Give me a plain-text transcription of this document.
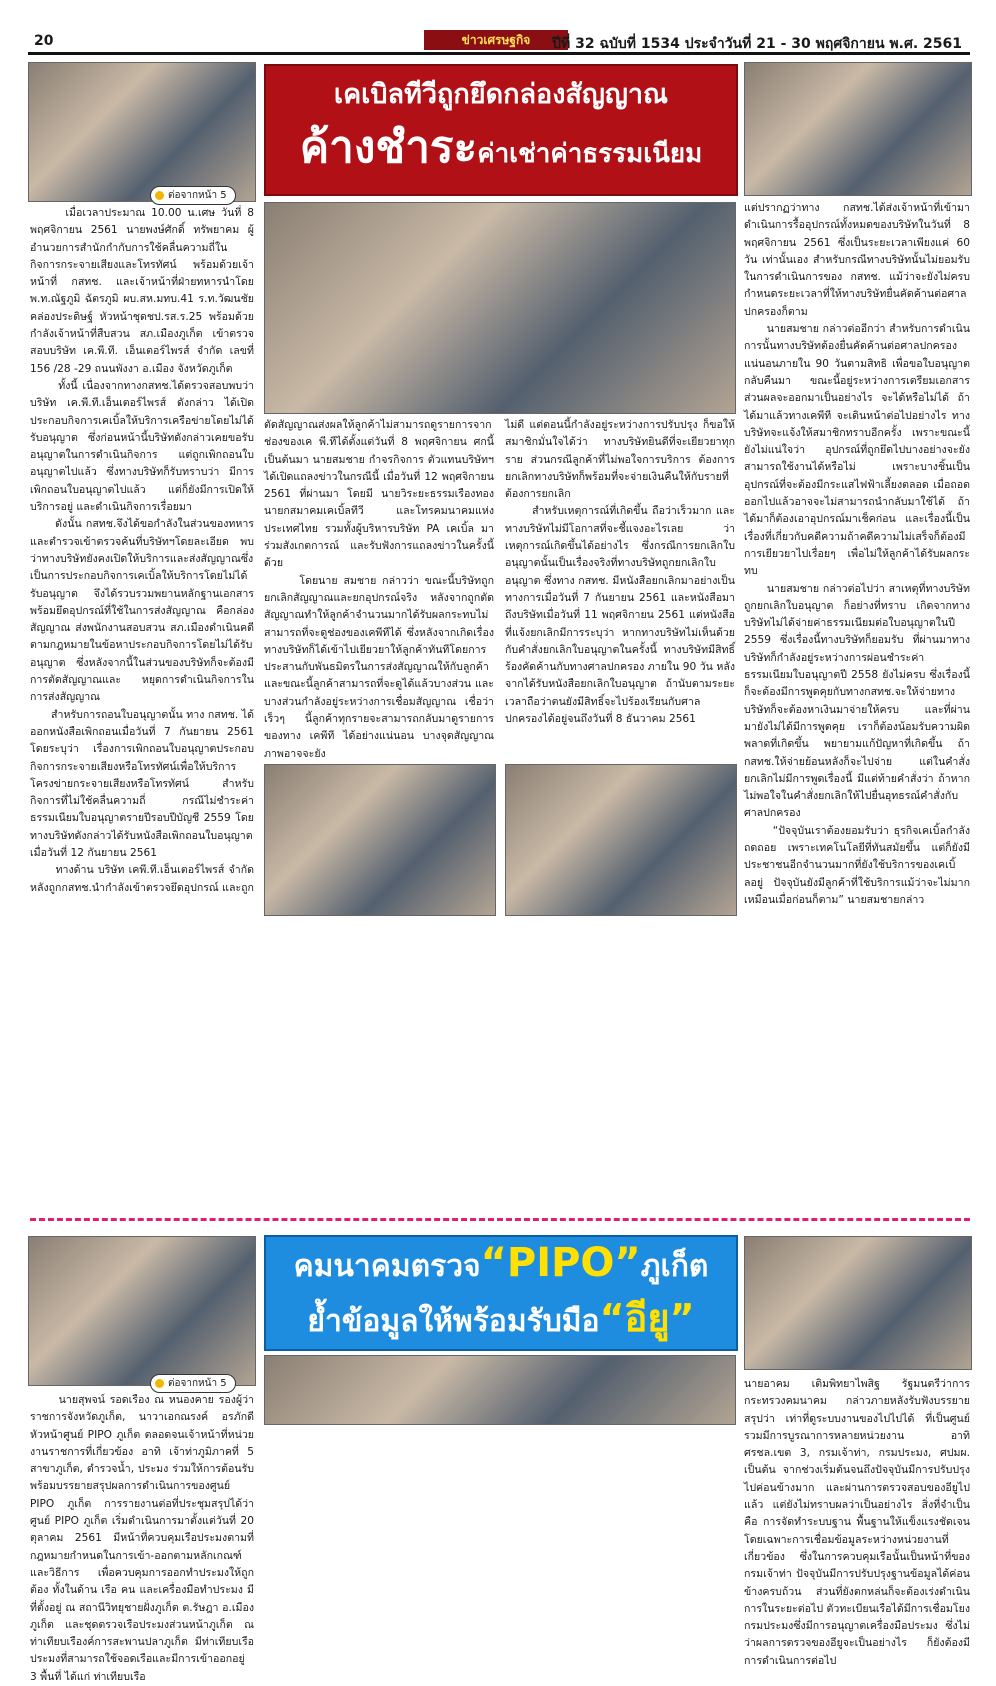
20	ข่าวเศรษฐกิจ	ปีที่ 32 ฉบับที่ 1534 ประจำวันที่ 21 - 30 พฤศจิกายน พ.ศ. 2561
ต่อจากหน้า 5
เคเบิลทีวีถูกยึดกล่องสัญญาณ
ค้างชำระค่าเช่าค่าธรรมเนียม
เมื่อเวลาประมาณ 10.00 น.เศษ วันที่ 8 พฤศจิกายน 2561 นายพงษ์ศักดิ์ ทรัพยาคม ผู้อำนวยการสำนักกำกับการใช้คลื่นความถี่ในกิจการกระจายเสียงและโทรทัศน์ พร้อมด้วยเจ้าหน้าที่ กสทช. และเจ้าหน้าที่ฝ่ายทหารนำโดย พ.ท.ณัฐภูมิ ฉัตรภูมิ ผบ.สห.มทบ.41 ร.ท.วัฒนชัย คล่องประดิษฐ์ หัวหน้าชุดชป.รส.ร.25 พร้อมด้วยกำลังเจ้าหน้าที่สืบสวน สภ.เมืองภูเก็ต เข้าตรวจสอบบริษัท เค.พี.ที. เอ็นเตอร์ไพรส์ จำกัด เลขที่ 156 /28 -29 ถนนพังงา อ.เมือง จังหวัดภูเก็ต
ทั้งนี้ เนื่องจากทางกสทช.ได้ตรวจสอบพบว่า บริษัท เค.พี.ที.เอ็นเตอร์ไพรส์ ดังกล่าว ได้เปิดประกอบกิจการเคเบิ้ลให้บริการเครือข่ายโดยไม่ได้รับอนุญาต ซึ่งก่อนหน้านี้บริษัทดังกล่าวเคยขอรับอนุญาตในการดำเนินกิจการ แต่ถูกเพิกถอนใบอนุญาตไปแล้ว ซึ่งทางบริษัทก็รับทราบว่า มีการเพิกถอนใบอนุญาตไปแล้ว แต่ก็ยังมีการเปิดให้บริการอยู่ และดำเนินกิจการเรื่อยมา
ดังนั้น กสทช.จึงได้ขอกำลังในส่วนของทหารและตำรวจเข้าตรวจค้นที่บริษัทฯโดยละเอียด พบว่าทางบริษัทยังคงเปิดให้บริการและส่งสัญญาณซึ่งเป็นการประกอบกิจการเคเบิ้ลให้บริการโดยไม่ได้รับอนุญาต จึงได้รวบรวมพยานหลักฐานเอกสาร พร้อมยึดอุปกรณ์ที่ใช้ในการส่งสัญญาณ คือกล่องสัญญาณ ส่งพนักงานสอบสวน สภ.เมืองดำเนินคดีตามกฎหมายในข้อหาประกอบกิจการโดยไม่ได้รับอนุญาต ซึ่งหลังจากนี้ในส่วนของบริษัทก็จะต้องมีการตัดสัญญาณและ หยุดการดำเนินกิจการในการส่งสัญญาณ
สำหรับการถอนใบอนุญาตนั้น ทาง กสทช. ได้ออกหนังสือเพิกถอนเมื่อวันที่ 7 กันยายน 2561 โดยระบุว่า เรื่องการเพิกถอนใบอนุญาตประกอบกิจการกระจายเสียงหรือโทรทัศน์เพื่อให้บริการโครงข่ายกระจายเสียงหรือโทรทัศน์ สำหรับกิจการที่ไม่ใช้คลื่นความถี่ กรณีไม่ชำระค่าธรรมเนียมใบอนุญาตรายปีรอบปีบัญชี 2559 โดยทางบริษัทดังกล่าวได้รับหนังสือเพิกถอนใบอนุญาต เมื่อวันที่ 12 กันยายน 2561
ทางด้าน บริษัท เคพี.ที.เอ็นเตอร์ไพรส์ จำกัด หลังถูกกสทช.นำกำลังเข้าตรวจยึดอุปกรณ์ และถูก
ตัดสัญญาณส่งผลให้ลูกค้าไม่สามารถดูรายการจากช่องของเค พี.ทีได้ตั้งแต่วันที่ 8 พฤศจิกายน ศกนี้ เป็นต้นมา นายสมชาย กำจรกิจการ ตัวแทนบริษัทฯ ได้เปิดแถลงข่าวในกรณีนี้ เมื่อวันที่ 12 พฤศจิกายน 2561 ที่ผ่านมา โดยมี นายวิระยะธรรมเรืองทอง นายกสมาคมเคเบิ้ลทีวี และโทรคมนาคมแห่งประเทศไทย รวมทั้งผู้บริหารบริษัท PA เคเบิ้ล มาร่วมสังเกตการณ์ และรับฟังการแถลงข่าวในครั้งนี้ด้วย
โดยนาย สมชาย กล่าวว่า ขณะนี้บริษัทถูกยกเลิกสัญญาณและยกอุปกรณ์จริง หลังจากถูกตัดสัญญาณทำให้ลูกค้าจำนวนมากได้รับผลกระทบไม่สามารถที่จะดูช่องของเคพีทีได้ ซึ่งหลังจากเกิดเรื่อง ทางบริษัทก็ได้เข้าไปเยียวยาให้ลูกค้าทันทีโดยการประสานกับพันธมิตรในการส่งสัญญาณให้กับลูกค้า และขณะนี้ลูกค้าสามารถที่จะดูได้แล้วบางส่วน และบางส่วนกำลังอยู่ระหว่างการเชื่อมสัญญาณ เชื่อว่าเร็วๆ นี้ลูกค้าทุกรายจะสามารถกลับมาดูรายการของทาง เคพีที ได้อย่างแน่นอน บางจุดสัญญาณภาพอาจจะยัง
ไม่ดี แต่ตอนนี้กำลังอยู่ระหว่างการปรับปรุง ก็ขอให้สมาชิกมั่นใจได้ว่า ทางบริษัทยินดีที่จะเยียวยาทุกราย ส่วนกรณีลูกค้าที่ไม่พอใจการบริการ ต้องการยกเลิกทางบริษัทก็พร้อมที่จะจ่ายเงินคืนให้กับรายที่ต้องการยกเลิก
สำหรับเหตุการณ์ที่เกิดขึ้น ถือว่าเร็วมาก และ ทางบริษัทไม่มีโอกาสที่จะชี้แจงอะไรเลย ว่าเหตุการณ์เกิดขึ้นได้อย่างไร ซึ่งกรณีการยกเลิกใบอนุญาตนั้นเป็นเรื่องจริงที่ทางบริษัทถูกยกเลิกใบอนุญาต ซึ่งทาง กสทช. มีหนังสือยกเลิกมาอย่างเป็นทางการเมื่อวันที่ 7 กันยายน 2561 และหนังสือมาถึงบริษัทเมื่อวันที่ 11 พฤศจิกายน 2561 แต่หนังสือที่แจ้งยกเลิกมีการระบุว่า หากทางบริษัทไม่เห็นด้วยกับคำสั่งยกเลิกใบอนุญาตในครั้งนี้ ทางบริษัทมีสิทธิ์ร้องคัดค้านกับทางศาลปกครอง ภายใน 90 วัน หลังจากได้รับหนังสือยกเลิกใบอนุญาต ถ้านับตามระยะเวลาถือว่าตนยังมีสิทธิ์จะไปร้องเรียนกับศาลปกครองได้อยู่จนถึงวันที่ 8 ธันวาคม 2561
แต่ปรากฏว่าทาง กสทช.ได้ส่งเจ้าหน้าที่เข้ามาดำเนินการรื้ออุปกรณ์ทั้งหมดของบริษัทในวันที่ 8 พฤศจิกายน 2561 ซึ่งเป็นระยะเวลาเพียงแค่ 60 วัน เท่านั้นเอง สำหรับกรณีทางบริษัทนั้นไม่ยอมรับในการดำเนินการของ กสทช. แม้ว่าจะยังไม่ครบกำหนดระยะเวลาที่ให้ทางบริษัทยื่นคัดค้านต่อศาลปกครองก็ตาม
นายสมชาย กล่าวต่ออีกว่า สำหรับการดำเนินการนั้นทางบริษัทต้องยื่นคัดค้านต่อศาลปกครองแน่นอนภายใน 90 วันตามสิทธิ เพื่อขอใบอนุญาตกลับคืนมา ขณะนี้อยู่ระหว่างการเตรียมเอกสาร ส่วนผลจะออกมาเป็นอย่างไร จะได้หรือไม่ได้ ถ้าได้มาแล้วทางเคพีที จะเดินหน้าต่อไปอย่างไร ทางบริษัทจะแจ้งให้สมาชิกทราบอีกครั้ง เพราะขณะนี้ยังไม่แน่ใจว่า อุปกรณ์ที่ถูกยึดไปบางอย่างจะยังสามารถใช้งานได้หรือไม่ เพราะบางชิ้นเป็นอุปกรณ์ที่จะต้องมีกระแสไฟฟ้าเลี้ยงตลอด เมื่อถอดออกไปแล้วอาจจะไม่สามารถนำกลับมาใช้ได้ ถ้าได้มาก็ต้องเอาอุปกรณ์มาเช็คก่อน และเรื่องนี้เป็นเรื่องที่เกี่ยวกับคดีความถ้าคดีความไม่เสร็จก็ต้องมีการเยียวยาไปเรื่อยๆ เพื่อไม่ให้ลูกค้าได้รับผลกระทบ
นายสมชาย กล่าวต่อไปว่า สาเหตุที่ทางบริษัท ถูกยกเลิกใบอนุญาต ก็อย่างที่ทราบ เกิดจากทางบริษัทไม่ได้จ่ายค่าธรรมเนียมต่อใบอนุญาตในปี 2559 ซึ่งเรื่องนี้ทางบริษัทก็ยอมรับ ที่ผ่านมาทางบริษัทก็กำลังอยู่ระหว่างการผ่อนชำระค่าธรรมเนียมใบอนุญาตปี 2558 ยังไม่ครบ ซึ่งเรื่องนี้ก็จะต้องมีการพูดคุยกับทางกสทช.จะให้จ่ายทางบริษัทก็จะต้องหาเงินมาจ่ายให้ครบ และที่ผ่านมายังไม่ได้มีการพูดคุย เราก็ต้องน้อมรับความผิดพลาดที่เกิดขึ้น พยายามแก้ปัญหาที่เกิดขึ้น ถ้า กสทช.ให้จ่ายย้อนหลังก็จะไปจ่าย แต่ในคำสั่งยกเลิกไม่มีการพูดเรื่องนี้ มีแต่ท้ายคำสั่งว่า ถ้าหากไม่พอใจในคำสั่งยกเลิกให้ไปยื่นอุทธรณ์คำสั่งกับศาลปกครอง
“ปัจจุบันเราต้องยอมรับว่า ธุรกิจเคเบิ้ลกำลังถดถอย เพราะเทคโนโลยีที่ทันสมัยขึ้น แต่ก็ยังมีประชาชนอีกจำนวนมากที่ยังใช้บริการของเคเบิ้ลอยู่ ปัจจุบันยังมีลูกค้าที่ใช้บริการแม้ว่าจะไม่มากเหมือนเมื่อก่อนก็ตาม” นายสมชายกล่าว
ต่อจากหน้า 5
คมนาคมตรวจ“PIPO”ภูเก็ต
ย้ำข้อมูลให้พร้อมรับมือ“อียู”
นายสุพจน์ รอดเรือง ณ หนองคาย รองผู้ว่าราชการจังหวัดภูเก็ต, นาวาเอกณรงค์ อรภักดี หัวหน้าศูนย์ PIPO ภูเก็ต ตลอดจนเจ้าหน้าที่หน่วยงานราชการที่เกี่ยวข้อง อาทิ เจ้าท่าภูมิภาคที่ 5 สาขาภูเก็ต, ตำรวจน้ำ, ประมง ร่วมให้การต้อนรับ พร้อมบรรยายสรุปผลการดำเนินการของศูนย์ PIPO ภูเก็ต การรายงานต่อที่ประชุมสรุปได้ว่า ศูนย์ PIPO ภูเก็ต เริ่มดำเนินการมาตั้งแต่วันที่ 20 ตุลาคม 2561 มีหน้าที่ควบคุมเรือประมงตามที่กฎหมายกำหนดในการเข้า-ออกตามหลักเกณฑ์ และวิธีการ เพื่อควบคุมการออกทำประมงให้ถูกต้อง ทั้งในด้าน เรือ คน และเครื่องมือทำประมง มีที่ตั้งอยู่ ณ สถานีวิทยุชายฝั่งภูเก็ต ต.รัษฎา อ.เมืองภูเก็ต และชุดตรวจเรือประมงส่วนหน้าภูเก็ต ณ ท่าเทียบเรืองค์การสะพานปลาภูเก็ต มีท่าเทียบเรือประมงที่สามารถใช้จอดเรือและมีการเข้าออกอยู่ 3 พื้นที่ ได้แก่ ท่าเทียบเรือ
นายอาคม เติมพิทยาไพสิฐ รัฐมนตรีว่าการกระทรวงคมนาคม กล่าวภายหลังรับฟังบรรยายสรุปว่า เท่าที่ดูระบบงานของไปไปได้ ที่เป็นศูนย์รวมมีการบูรณาการหลายหน่วยงาน อาทิ ศรชล.เขต 3, กรมเจ้าท่า, กรมประมง, ศปมผ. เป็นต้น จากช่วงเริ่มต้นจนถึงปัจจุบันมีการปรับปรุงไปค่อนข้างมาก และผ่านการตรวจสอบของอียูไปแล้ว แต่ยังไม่ทราบผลว่าเป็นอย่างไร สิ่งที่จำเป็นคือ การจัดทำระบบฐาน พื้นฐานให้แข็งแรงชัดเจน โดยเฉพาะการเชื่อมข้อมูลระหว่างหน่วยงานที่เกี่ยวข้อง ซึ่งในการควบคุมเรือนั้นเป็นหน้าที่ของกรมเจ้าท่า ปัจจุบันมีการปรับปรุงฐานข้อมูลได้ค่อนข้างครบถ้วน ส่วนที่ยังตกหล่นก็จะต้องเร่งดำเนินการในระยะต่อไป ตัวทะเบียนเรือได้มีการเชื่อมโยงกรมประมงซึ่งมีการอนุญาตเครื่องมือประมง ซึ่งไม่ว่าผลการตรวจของอียูจะเป็นอย่างไร ก็ยังต้องมีการดำเนินการต่อไป
